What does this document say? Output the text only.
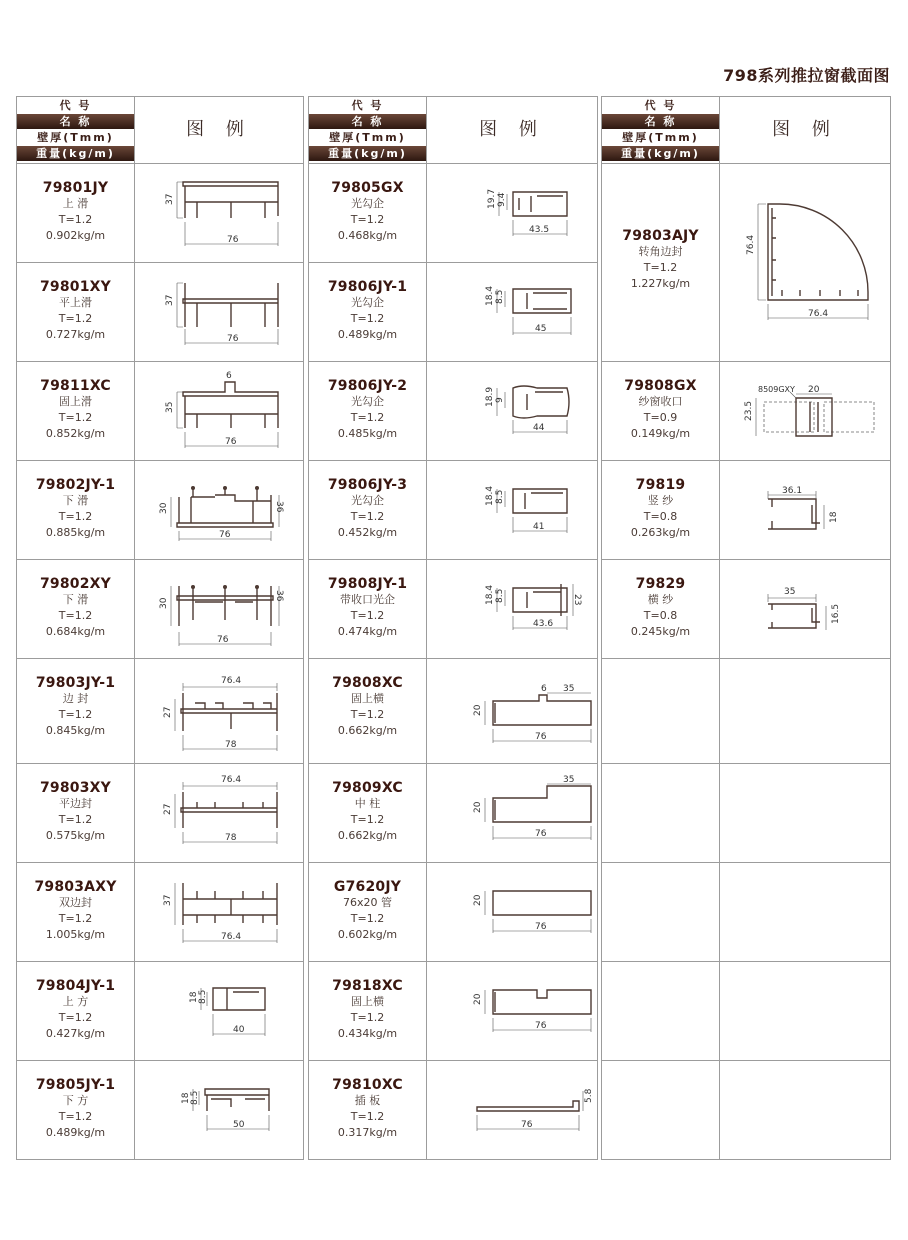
798系列推拉窗截面图
代 号
名 称
壁厚(Tmm)
重量(kg/m)
图 例
79801JY
上 滑
T=1.2
0.902kg/m
37
76
79801XY
平上滑
T=1.2
0.727kg/m
37
76
79811XC
固上滑
T=1.2
0.852kg/m
6
35
76
79802JY-1
下 滑
T=1.2
0.885kg/m
30	36
76
79802XY
下 滑
T=1.2
0.684kg/m
30
36
76
79803JY-1
边 封
T=1.2
0.845kg/m
76.4
27
78
79803XY
平边封
T=1.2
0.575kg/m
76.4
27
78
79803AXY
双边封
T=1.2
1.005kg/m
37
76.4
79804JY-1
上 方
T=1.2
0.427kg/m
18 8.5
40
79805JY-1
下 方
T=1.2
0.489kg/m
18 8.5
50
代 号
名 称
壁厚(Tmm)
重量(kg/m)
图 例
79805GX
光勾企
T=1.2
0.468kg/m
19.7 9.4
43.5
79806JY-1
光勾企
T=1.2
0.489kg/m
18.4 8.5
45
79806JY-2
光勾企
T=1.2
0.485kg/m
18.9 9
44
79806JY-3
光勾企
T=1.2
0.452kg/m
18.4 8.5
41
79808JY-1
带收口光企
T=1.2
0.474kg/m
18.4 8.5	23
43.6
79808XC
固上横
T=1.2
0.662kg/m
6 35
20
76
79809XC
中 柱
T=1.2
0.662kg/m
35
20
76
G7620JY
76x20 管
T=1.2
0.602kg/m
20
76
79818XC
固上横
T=1.2
0.434kg/m
20
76
79810XC
插 板
T=1.2
0.317kg/m
5.8
76
代 号
名 称
壁厚(Tmm)
重量(kg/m)
图 例
79803AJY
转角边封
T=1.2
1.227kg/m
76.4
76.4
79808GX
纱窗收口
T=0.9
0.149kg/m
8509GXY 20
23.5
79819
竖 纱
T=0.8
0.263kg/m
36.1
18
79829
横 纱
T=0.8
0.245kg/m
35
16.5
